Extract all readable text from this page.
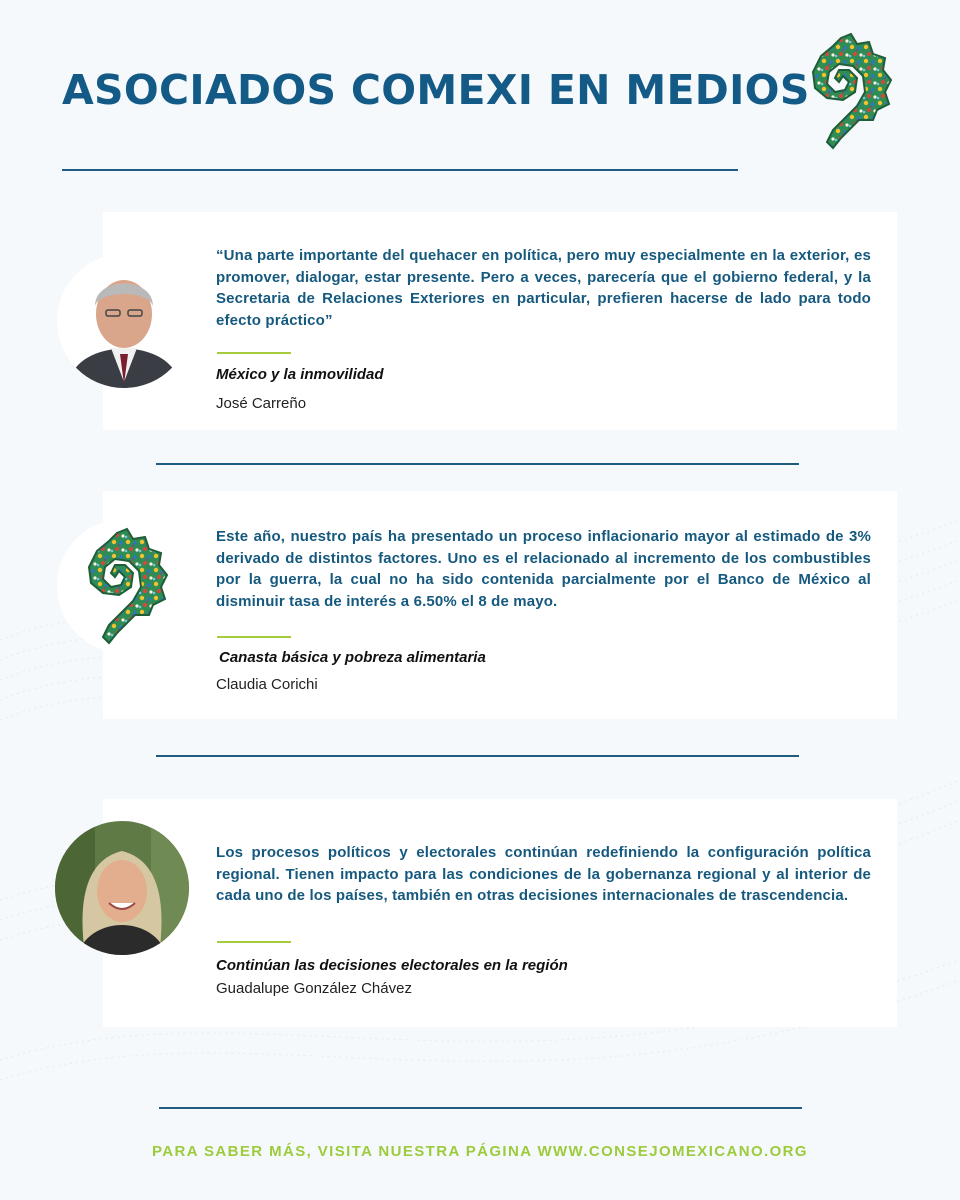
ASOCIADOS COMEXI EN MEDIOS

“Una parte importante del quehacer en política, pero muy especialmente en la exterior, es promover, dialogar, estar presente. Pero a veces, parecería que el gobierno federal, y la Secretaria de Relaciones Exteriores en particular, prefieren hacerse de lado para todo efecto práctico”

México y la inmovilidad

José Carreño

Este año, nuestro país ha presentado un proceso inflacionario mayor al estimado de 3% derivado de distintos factores. Uno es el relacionado al incremento de los combustibles por la guerra, la cual no ha sido contenida parcialmente por el Banco de México al disminuir tasa de interés a 6.50% el 8 de mayo.

Canasta básica y pobreza alimentaria

Claudia Corichi

Los procesos políticos y electorales continúan redefiniendo la configuración política regional. Tienen impacto para las condiciones de la gobernanza regional y al interior de cada uno de los países, también en otras decisiones internacionales de trascendencia.

Continúan las decisiones electorales en la región

Guadalupe González Chávez

PARA SABER MÁS, VISITA NUESTRA PÁGINA WWW.CONSEJOMEXICANO.ORG
